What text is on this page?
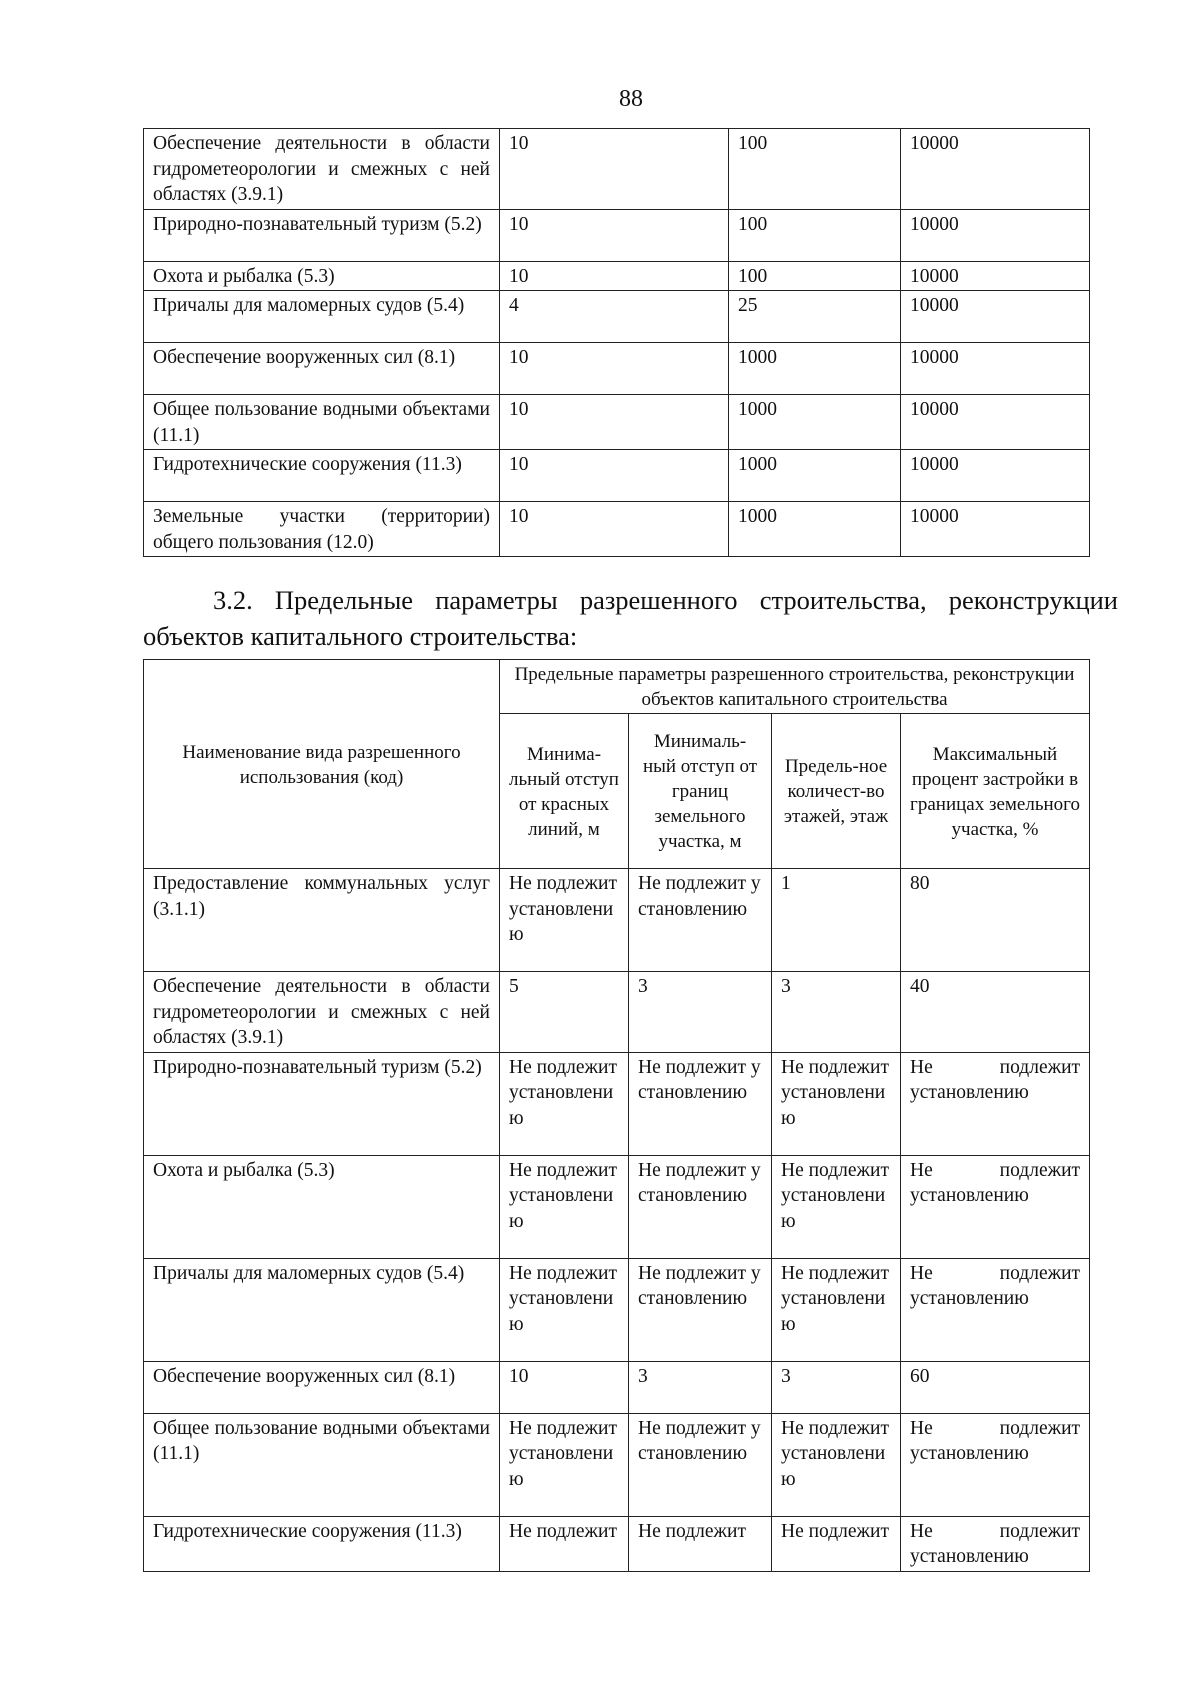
88
Обеспечение деятельности в области гидрометеорологии и смежных с ней областях (3.9.1)	10	100	10000
Природно-познавательный туризм (5.2)	10	100	10000
Охота и рыбалка (5.3)	10	100	10000
Причалы для маломерных судов (5.4)	4	25	10000
Обеспечение вооруженных сил (8.1)	10	1000	10000
Общее пользование водными объектами (11.1)	10	1000	10000
Гидротехнические сооружения (11.3)	10	1000	10000
Земельные участки (территории) общего пользования (12.0)	10	1000	10000
3.2. Предельные параметры разрешенного строительства, реконструкции объектов капитального строительства:
Наименование вида разрешенного использования (код)	Предельные параметры разрешенного строительства, реконструкции объектов капитального строительства			
	Минима-льный отступ от красных линий, м	Минималь-ный отступ от границ земельного участка, м	Предель-ное количест-во этажей, этаж	Максимальный процент застройки в границах земельного участка, %
Предоставление коммунальных услуг (3.1.1)	Не подлежит установлению	Не подлежит установлению	1	80
Обеспечение деятельности в области гидрометеорологии и смежных с ней областях (3.9.1)	5	3	3	40
Природно-познавательный туризм (5.2)	Не подлежит установлению	Не подлежит установлению	Не подлежит установлению	Не подлежит установлению
Охота и рыбалка (5.3)	Не подлежит установлению	Не подлежит установлению	Не подлежит установлению	Не подлежит установлению
Причалы для маломерных судов (5.4)	Не подлежит установлению	Не подлежит установлению	Не подлежит установлению	Не подлежит установлению
Обеспечение вооруженных сил (8.1)	10	3	3	60
Общее пользование водными объектами (11.1)	Не подлежит установлению	Не подлежит установлению	Не подлежит установлению	Не подлежит установлению
Гидротехнические сооружения (11.3)	Не подлежит	Не подлежит	Не подлежит	Не подлежит установлению
